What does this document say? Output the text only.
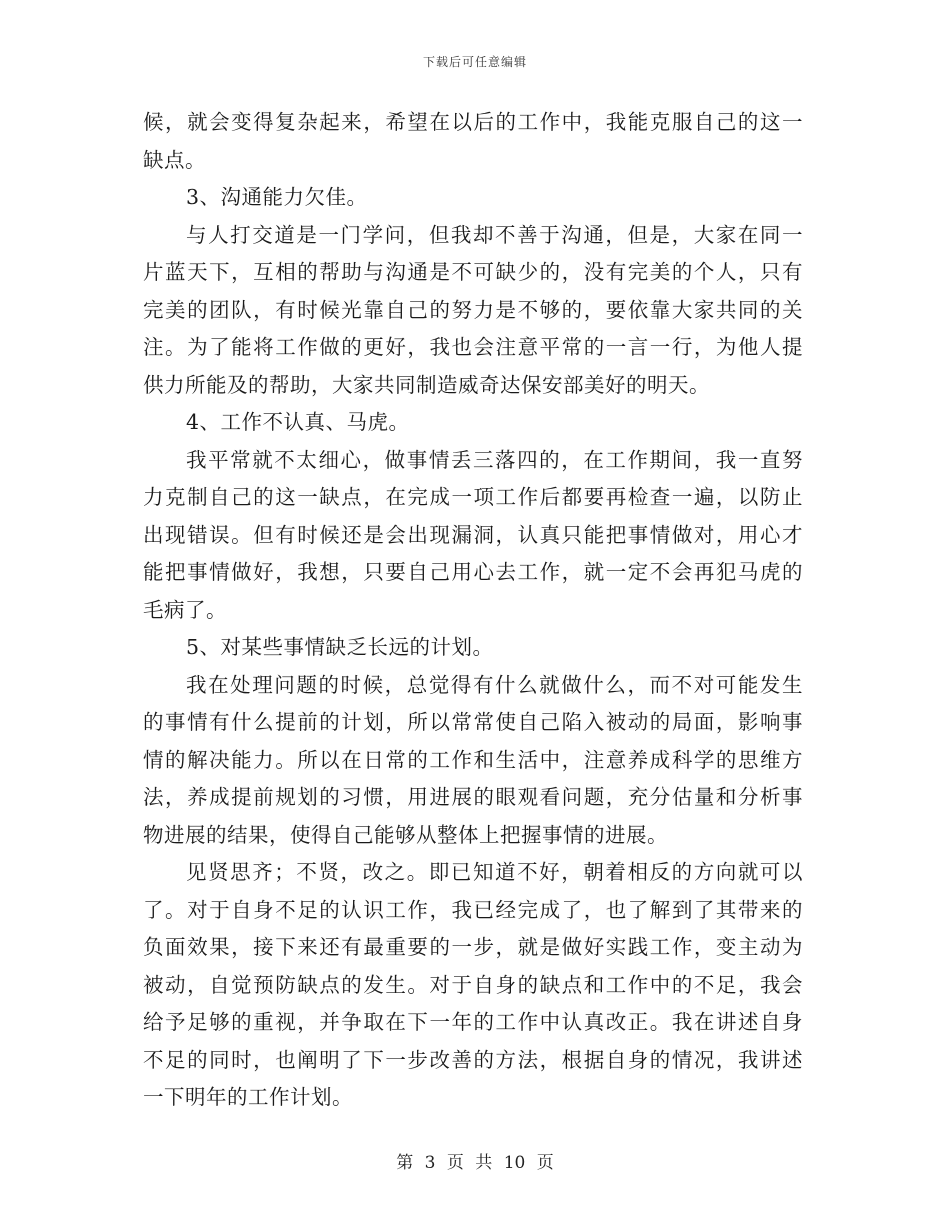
下载后可任意编辑
候，就会变得复杂起来，希望在以后的工作中，我能克服自己的这一
缺点。
3、沟通能力欠佳。
与人打交道是一门学问，但我却不善于沟通，但是，大家在同一
片蓝天下，互相的帮助与沟通是不可缺少的，没有完美的个人，只有
完美的团队，有时候光靠自己的努力是不够的，要依靠大家共同的关
注。为了能将工作做的更好，我也会注意平常的一言一行，为他人提
供力所能及的帮助，大家共同制造威奇达保安部美好的明天。
4、工作不认真、马虎。
我平常就不太细心，做事情丢三落四的，在工作期间，我一直努
力克制自己的这一缺点，在完成一项工作后都要再检查一遍，以防止
出现错误。但有时候还是会出现漏洞，认真只能把事情做对，用心才
能把事情做好，我想，只要自己用心去工作，就一定不会再犯马虎的
毛病了。
5、对某些事情缺乏长远的计划。
我在处理问题的时候，总觉得有什么就做什么，而不对可能发生
的事情有什么提前的计划，所以常常使自己陷入被动的局面，影响事
情的解决能力。所以在日常的工作和生活中，注意养成科学的思维方
法，养成提前规划的习惯，用进展的眼观看问题，充分估量和分析事
物进展的结果，使得自己能够从整体上把握事情的进展。
见贤思齐；不贤，改之。即已知道不好，朝着相反的方向就可以
了。对于自身不足的认识工作，我已经完成了，也了解到了其带来的
负面效果，接下来还有最重要的一步，就是做好实践工作，变主动为
被动，自觉预防缺点的发生。对于自身的缺点和工作中的不足，我会
给予足够的重视，并争取在下一年的工作中认真改正。我在讲述自身
不足的同时，也阐明了下一步改善的方法，根据自身的情况，我讲述
一下明年的工作计划。
第 3 页 共 10 页
